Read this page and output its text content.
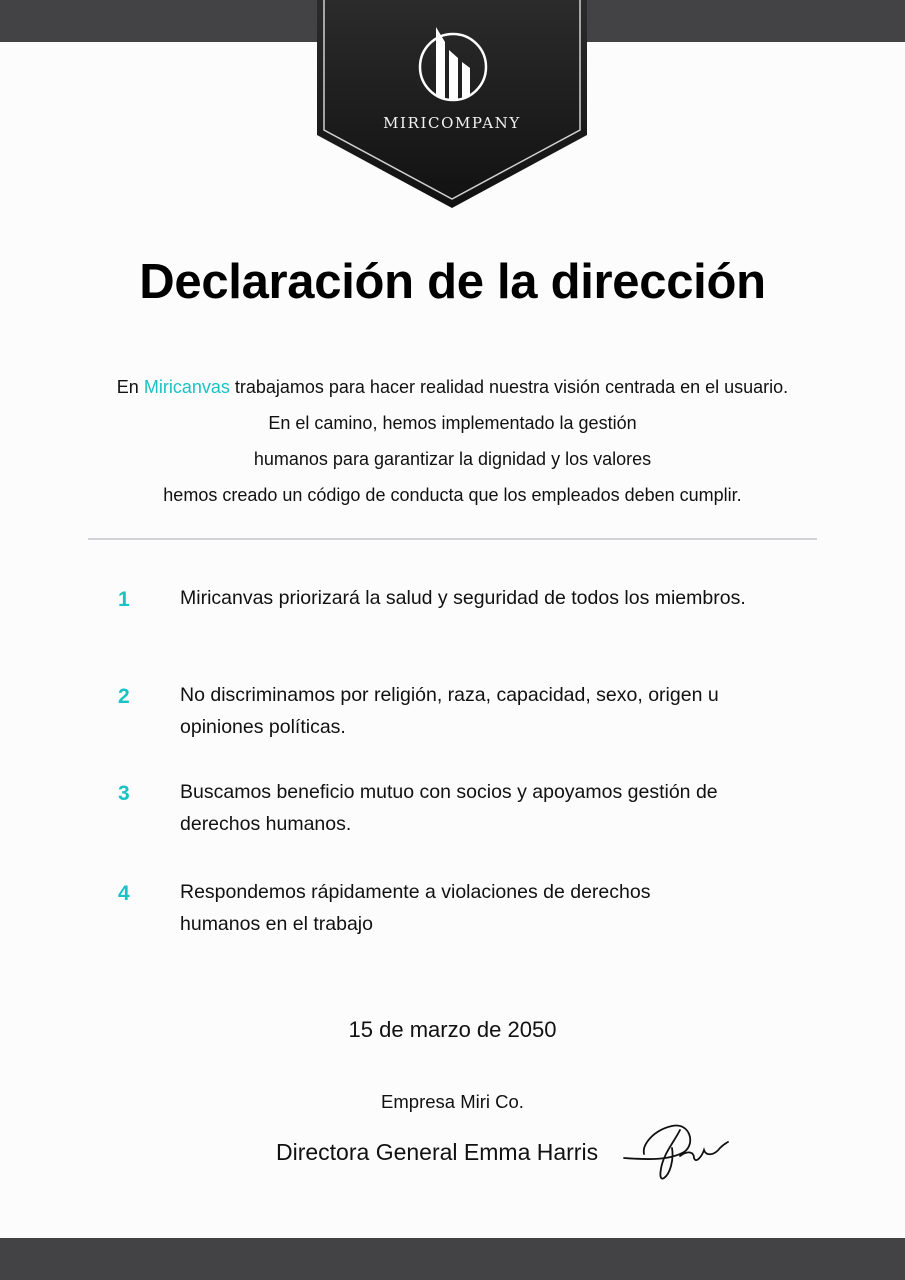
MIRICOMPANY
Declaración de la dirección
En Miricanvas trabajamos para hacer realidad nuestra visión centrada en el usuario.
En el camino, hemos implementado la gestión
humanos para garantizar la dignidad y los valores
hemos creado un código de conducta que los empleados deben cumplir.
1	Miricanvas priorizará la salud y seguridad de todos los miembros.
2	No discriminamos por religión, raza, capacidad, sexo, origen u opiniones políticas.
3	Buscamos beneficio mutuo con socios y apoyamos gestión de derechos humanos.
4	Respondemos rápidamente a violaciones de derechos humanos en el trabajo
15 de marzo de 2050
Empresa Miri Co.
Directora General Emma Harris
